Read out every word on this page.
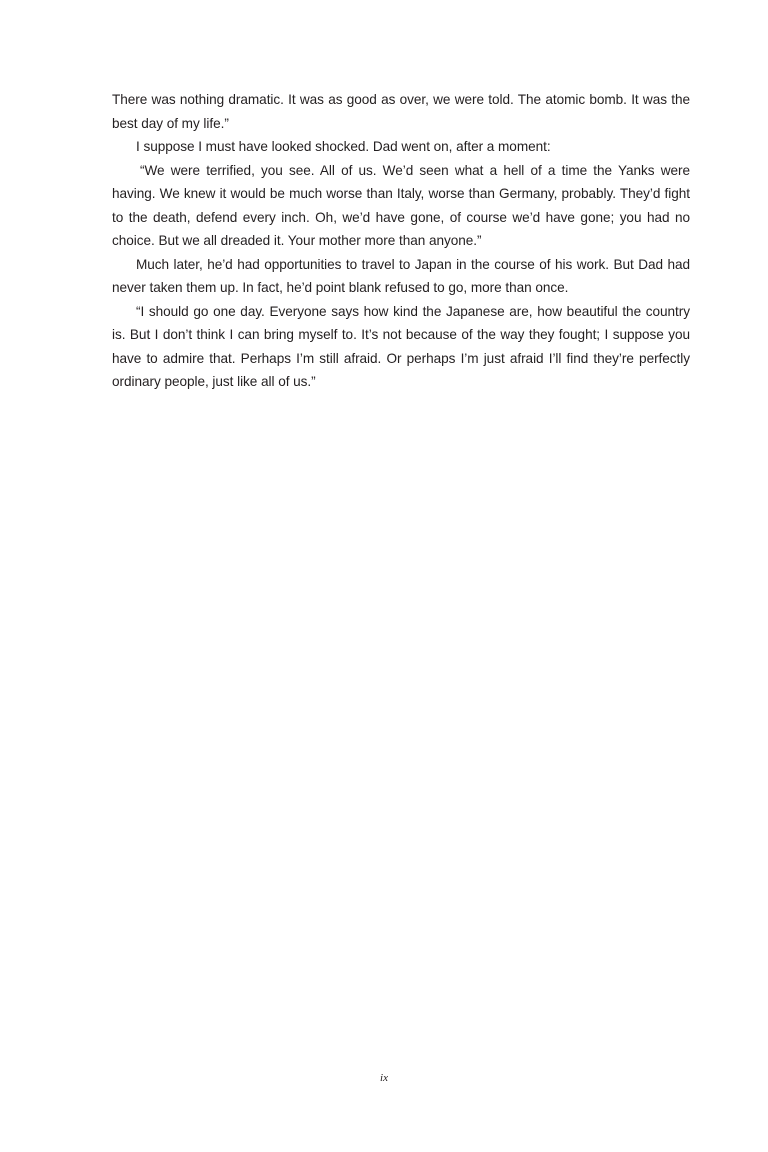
There was nothing dramatic. It was as good as over, we were told. The atomic bomb. It was the best day of my life.”

I suppose I must have looked shocked. Dad went on, after a moment:

“We were terrified, you see. All of us. We’d seen what a hell of a time the Yanks were having. We knew it would be much worse than Italy, worse than Germany, probably. They’d fight to the death, defend every inch. Oh, we’d have gone, of course we’d have gone; you had no choice. But we all dreaded it. Your mother more than anyone.”

Much later, he’d had opportunities to travel to Japan in the course of his work. But Dad had never taken them up. In fact, he’d point blank refused to go, more than once.

“I should go one day. Everyone says how kind the Japanese are, how beautiful the country is. But I don’t think I can bring myself to. It’s not because of the way they fought; I suppose you have to admire that. Perhaps I’m still afraid. Or perhaps I’m just afraid I’ll find they’re perfectly ordinary people, just like all of us.”

ix
